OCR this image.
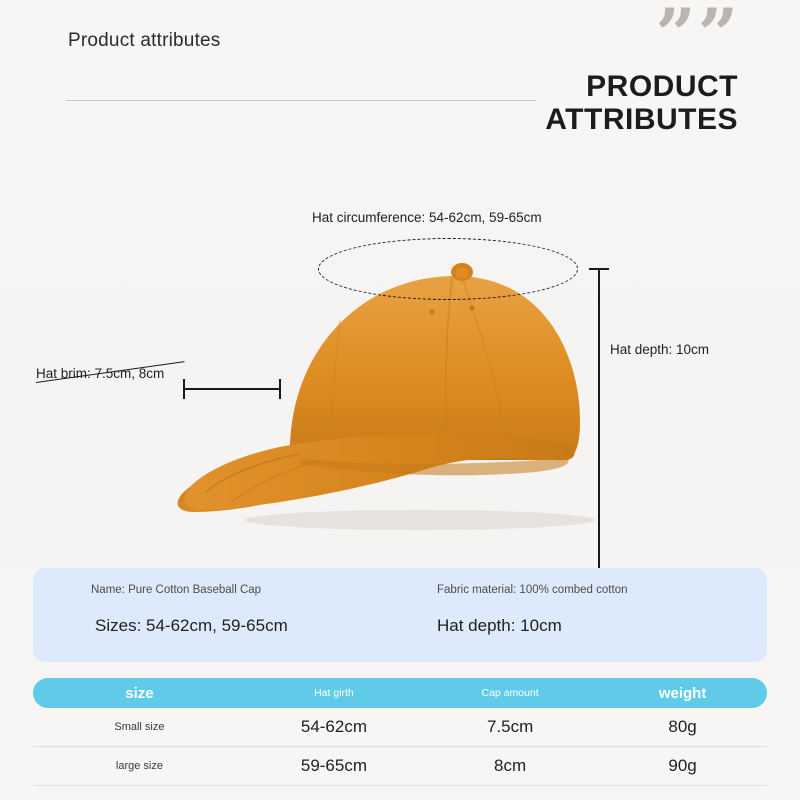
Product attributes	””
PRODUCT
ATTRIBUTES
Hat circumference: 54-62cm, 59-65cm
Hat depth: 10cm
Hat brim: 7.5cm, 8cm
Name: Pure Cotton Baseball Cap	Fabric material: 100% combed cotton
Sizes: 54-62cm, 59-65cm	Hat depth: 10cm
size	Hat girth	Cap amount	weight
Small size	54-62cm	7.5cm	80g
large size	59-65cm	8cm	90g
